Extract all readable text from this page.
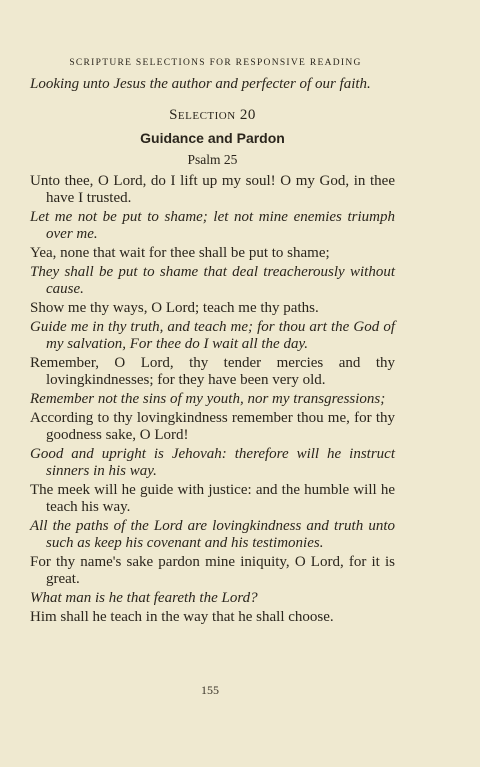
SCRIPTURE SELECTIONS FOR RESPONSIVE READING

Looking unto Jesus the author and perfecter of our faith.

Selection 20

Guidance and Pardon

Psalm 25

Unto thee, O Lord, do I lift up my soul! O my God, in thee have I trusted.

Let me not be put to shame; let not mine enemies triumph over me.

Yea, none that wait for thee shall be put to shame;

They shall be put to shame that deal treacherously without cause.

Show me thy ways, O Lord; teach me thy paths.

Guide me in thy truth, and teach me; for thou art the God of my salvation, For thee do I wait all the day.

Remember, O Lord, thy tender mercies and thy lovingkindnesses; for they have been very old.

Remember not the sins of my youth, nor my transgressions;

According to thy lovingkindness remember thou me, for thy goodness sake, O Lord!

Good and upright is Jehovah: therefore will he instruct sinners in his way.

The meek will he guide with justice: and the humble will he teach his way.

All the paths of the Lord are lovingkindness and truth unto such as keep his covenant and his testimonies.

For thy name's sake pardon mine iniquity, O Lord, for it is great.

What man is he that feareth the Lord?

Him shall he teach in the way that he shall choose.

155
